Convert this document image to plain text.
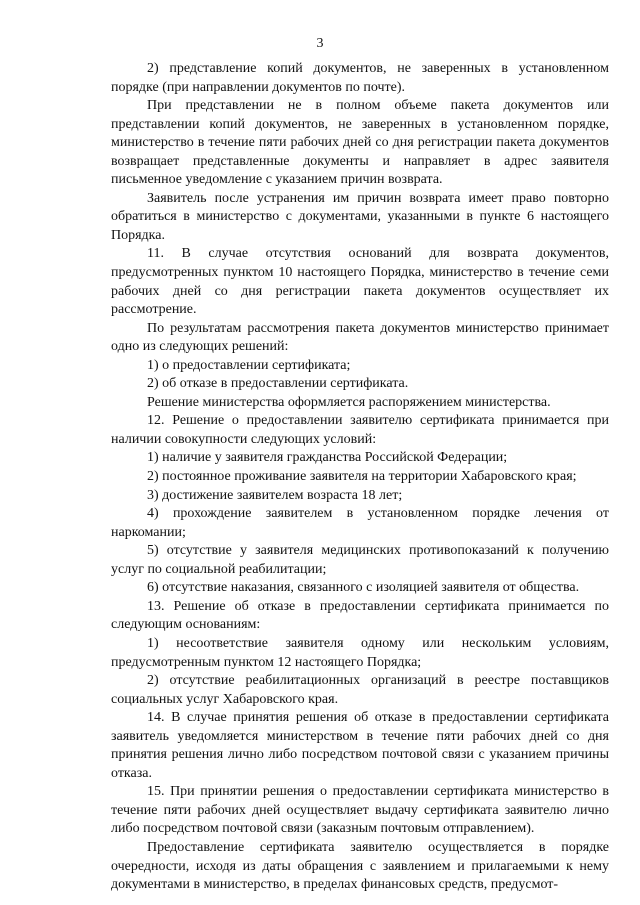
3

2) представление копий документов, не заверенных в установленном порядке (при направлении документов по почте).

При представлении не в полном объеме пакета документов или представлении копий документов, не заверенных в установленном порядке, министерство в течение пяти рабочих дней со дня регистрации пакета документов возвращает представленные документы и направляет в адрес заявителя письменное уведомление с указанием причин возврата.

Заявитель после устранения им причин возврата имеет право повторно обратиться в министерство с документами, указанными в пункте 6 настоящего Порядка.

11. В случае отсутствия оснований для возврата документов, предусмотренных пунктом 10 настоящего Порядка, министерство в течение семи рабочих дней со дня регистрации пакета документов осуществляет их рассмотрение.

По результатам рассмотрения пакета документов министерство принимает одно из следующих решений:

1) о предоставлении сертификата;

2) об отказе в предоставлении сертификата.

Решение министерства оформляется распоряжением министерства.

12. Решение о предоставлении заявителю сертификата принимается при наличии совокупности следующих условий:

1) наличие у заявителя гражданства Российской Федерации;

2) постоянное проживание заявителя на территории Хабаровского края;

3) достижение заявителем возраста 18 лет;

4) прохождение заявителем в установленном порядке лечения от наркомании;

5) отсутствие у заявителя медицинских противопоказаний к получению услуг по социальной реабилитации;

6) отсутствие наказания, связанного с изоляцией заявителя от общества.

13. Решение об отказе в предоставлении сертификата принимается по следующим основаниям:

1) несоответствие заявителя одному или нескольким условиям, предусмотренным пунктом 12 настоящего Порядка;

2) отсутствие реабилитационных организаций в реестре поставщиков социальных услуг Хабаровского края.

14. В случае принятия решения об отказе в предоставлении сертификата заявитель уведомляется министерством в течение пяти рабочих дней со дня принятия решения лично либо посредством почтовой связи с указанием причины отказа.

15. При принятии решения о предоставлении сертификата министерство в течение пяти рабочих дней осуществляет выдачу сертификата заявителю лично либо посредством почтовой связи (заказным почтовым отправлением).

Предоставление сертификата заявителю осуществляется в порядке очередности, исходя из даты обращения с заявлением и прилагаемыми к нему документами в министерство, в пределах финансовых средств, предусмот-
